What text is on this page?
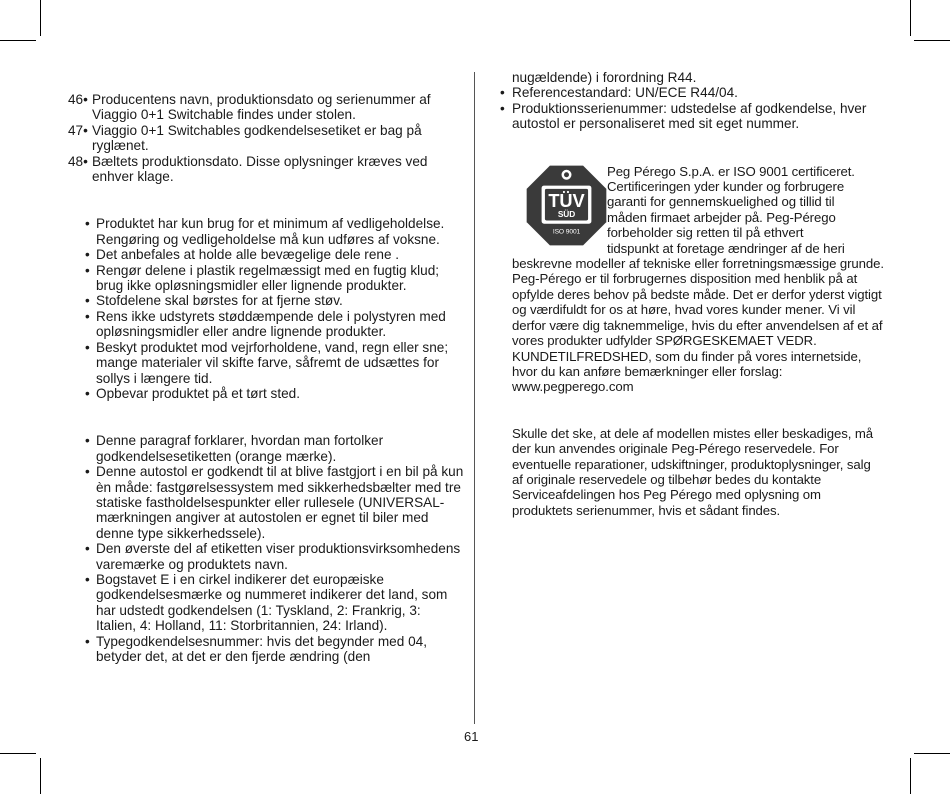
46• Producentens navn, produktionsdato og serienummer af Viaggio 0+1 Switchable findes under stolen.
47• Viaggio 0+1 Switchables godkendelsesetiket er bag på ryglænet.
48• Bæltets produktionsdato. Disse oplysninger kræves ved enhver klage.
• Produktet har kun brug for et minimum af vedligeholdelse. Rengøring og vedligeholdelse må kun udføres af voksne.
• Det anbefales at holde alle bevægelige dele rene .
• Rengør delene i plastik regelmæssigt med en fugtig klud; brug ikke opløsningsmidler eller lignende produkter.
• Stofdelene skal børstes for at fjerne støv.
• Rens ikke udstyrets støddæmpende dele i polystyren med opløsningsmidler eller andre lignende produkter.
• Beskyt produktet mod vejrforholdene, vand, regn eller sne; mange materialer vil skifte farve, såfremt de udsættes for sollys i længere tid.
• Opbevar produktet på et tørt sted.
• Denne paragraf forklarer, hvordan man fortolker godkendelsesetiketten (orange mærke).
• Denne autostol er godkendt til at blive fastgjort i en bil på kun èn måde: fastgørelsessystem med sikkerhedsbælter med tre statiske fastholdelsespunkter eller rullesele (UNIVERSAL-mærkningen angiver at autostolen er egnet til biler med denne type sikkerhedssele).
• Den øverste del af etiketten viser produktionsvirksomhedens varemærke og produktets navn.
• Bogstavet E i en cirkel indikerer det europæiske godkendelsesmærke og nummeret indikerer det land, som har udstedt godkendelsen (1: Tyskland, 2: Frankrig, 3: Italien, 4: Holland, 11: Storbritannien, 24: Irland).
• Typegodkendelsesnummer: hvis det begynder med 04, betyder det, at det er den fjerde ændring (den
nugældende) i forordning R44.
• Referencestandard: UN/ECE R44/04.
• Produktionsserienummer: udstedelse af godkendelse, hver autostol er personaliseret med sit eget nummer.
TÜV
SÜD
ISO 9001
Peg Pérego S.p.A. er ISO 9001 certificeret.
Certificeringen yder kunder og forbrugere
garanti for gennemskuelighed og tillid til
måden firmaet arbejder på. Peg-Pérego
forbeholder sig retten til på ethvert
tidspunkt at foretage ændringer af de heri
beskrevne modeller af tekniske eller forretningsmæssige grunde. Peg-Pérego er til forbrugernes disposition med henblik på at opfylde deres behov på bedste måde. Det er derfor yderst vigtigt og værdifuldt for os at høre, hvad vores kunder mener. Vi vil derfor være dig taknemmelige, hvis du efter anvendelsen af et af vores produkter udfylder SPØRGESKEMAET VEDR. KUNDETILFREDSHED, som du finder på vores internetside, hvor du kan anføre bemærkninger eller forslag: www.pegperego.com
Skulle det ske, at dele af modellen mistes eller beskadiges, må der kun anvendes originale Peg-Pérego reservedele. For eventuelle reparationer, udskiftninger, produktoplysninger, salg af originale reservedele og tilbehør bedes du kontakte Serviceafdelingen hos Peg Pérego med oplysning om produktets serienummer, hvis et sådant findes.
61
